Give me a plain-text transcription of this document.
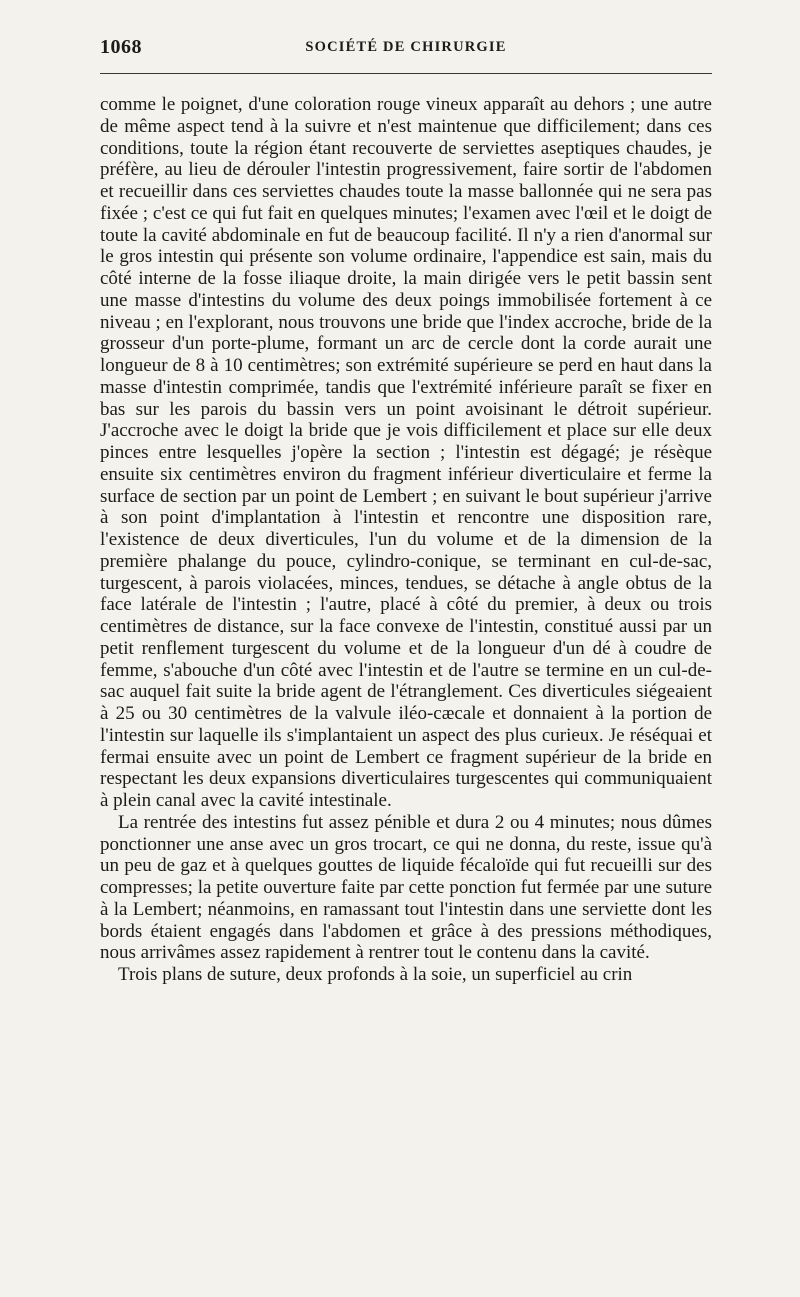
1068	SOCIÉTÉ DE CHIRURGIE

comme le poignet, d'une coloration rouge vineux apparaît au dehors ; une autre de même aspect tend à la suivre et n'est maintenue que difficilement; dans ces conditions, toute la région étant recouverte de serviettes aseptiques chaudes, je préfère, au lieu de dérouler l'intestin progressivement, faire sortir de l'abdomen et recueillir dans ces serviettes chaudes toute la masse ballonnée qui ne sera pas fixée ; c'est ce qui fut fait en quelques minutes; l'examen avec l'œil et le doigt de toute la cavité abdominale en fut de beaucoup facilité. Il n'y a rien d'anormal sur le gros intestin qui présente son volume ordinaire, l'appendice est sain, mais du côté interne de la fosse iliaque droite, la main dirigée vers le petit bassin sent une masse d'intestins du volume des deux poings immobilisée fortement à ce niveau ; en l'explorant, nous trouvons une bride que l'index accroche, bride de la grosseur d'un porte-plume, formant un arc de cercle dont la corde aurait une longueur de 8 à 10 centimètres; son extrémité supérieure se perd en haut dans la masse d'intestin comprimée, tandis que l'extrémité inférieure paraît se fixer en bas sur les parois du bassin vers un point avoisinant le détroit supérieur. J'accroche avec le doigt la bride que je vois difficilement et place sur elle deux pinces entre lesquelles j'opère la section ; l'intestin est dégagé; je résèque ensuite six centimètres environ du fragment inférieur diverticulaire et ferme la surface de section par un point de Lembert ; en suivant le bout supérieur j'arrive à son point d'implantation à l'intestin et rencontre une disposition rare, l'existence de deux diverticules, l'un du volume et de la dimension de la première phalange du pouce, cylindro-conique, se terminant en cul-de-sac, turgescent, à parois violacées, minces, tendues, se détache à angle obtus de la face latérale de l'intestin ; l'autre, placé à côté du premier, à deux ou trois centimètres de distance, sur la face convexe de l'intestin, constitué aussi par un petit renflement turgescent du volume et de la longueur d'un dé à coudre de femme, s'abouche d'un côté avec l'intestin et de l'autre se termine en un cul-de-sac auquel fait suite la bride agent de l'étranglement. Ces diverticules siégeaient à 25 ou 30 centimètres de la valvule iléo-cæcale et donnaient à la portion de l'intestin sur laquelle ils s'implantaient un aspect des plus curieux. Je réséquai et fermai ensuite avec un point de Lembert ce fragment supérieur de la bride en respectant les deux expansions diverticulaires turgescentes qui communiquaient à plein canal avec la cavité intestinale.

La rentrée des intestins fut assez pénible et dura 2 ou 4 minutes; nous dûmes ponctionner une anse avec un gros trocart, ce qui ne donna, du reste, issue qu'à un peu de gaz et à quelques gouttes de liquide fécaloïde qui fut recueilli sur des compresses; la petite ouverture faite par cette ponction fut fermée par une suture à la Lembert; néanmoins, en ramassant tout l'intestin dans une serviette dont les bords étaient engagés dans l'abdomen et grâce à des pressions méthodiques, nous arrivâmes assez rapidement à rentrer tout le contenu dans la cavité.

Trois plans de suture, deux profonds à la soie, un superficiel au crin
